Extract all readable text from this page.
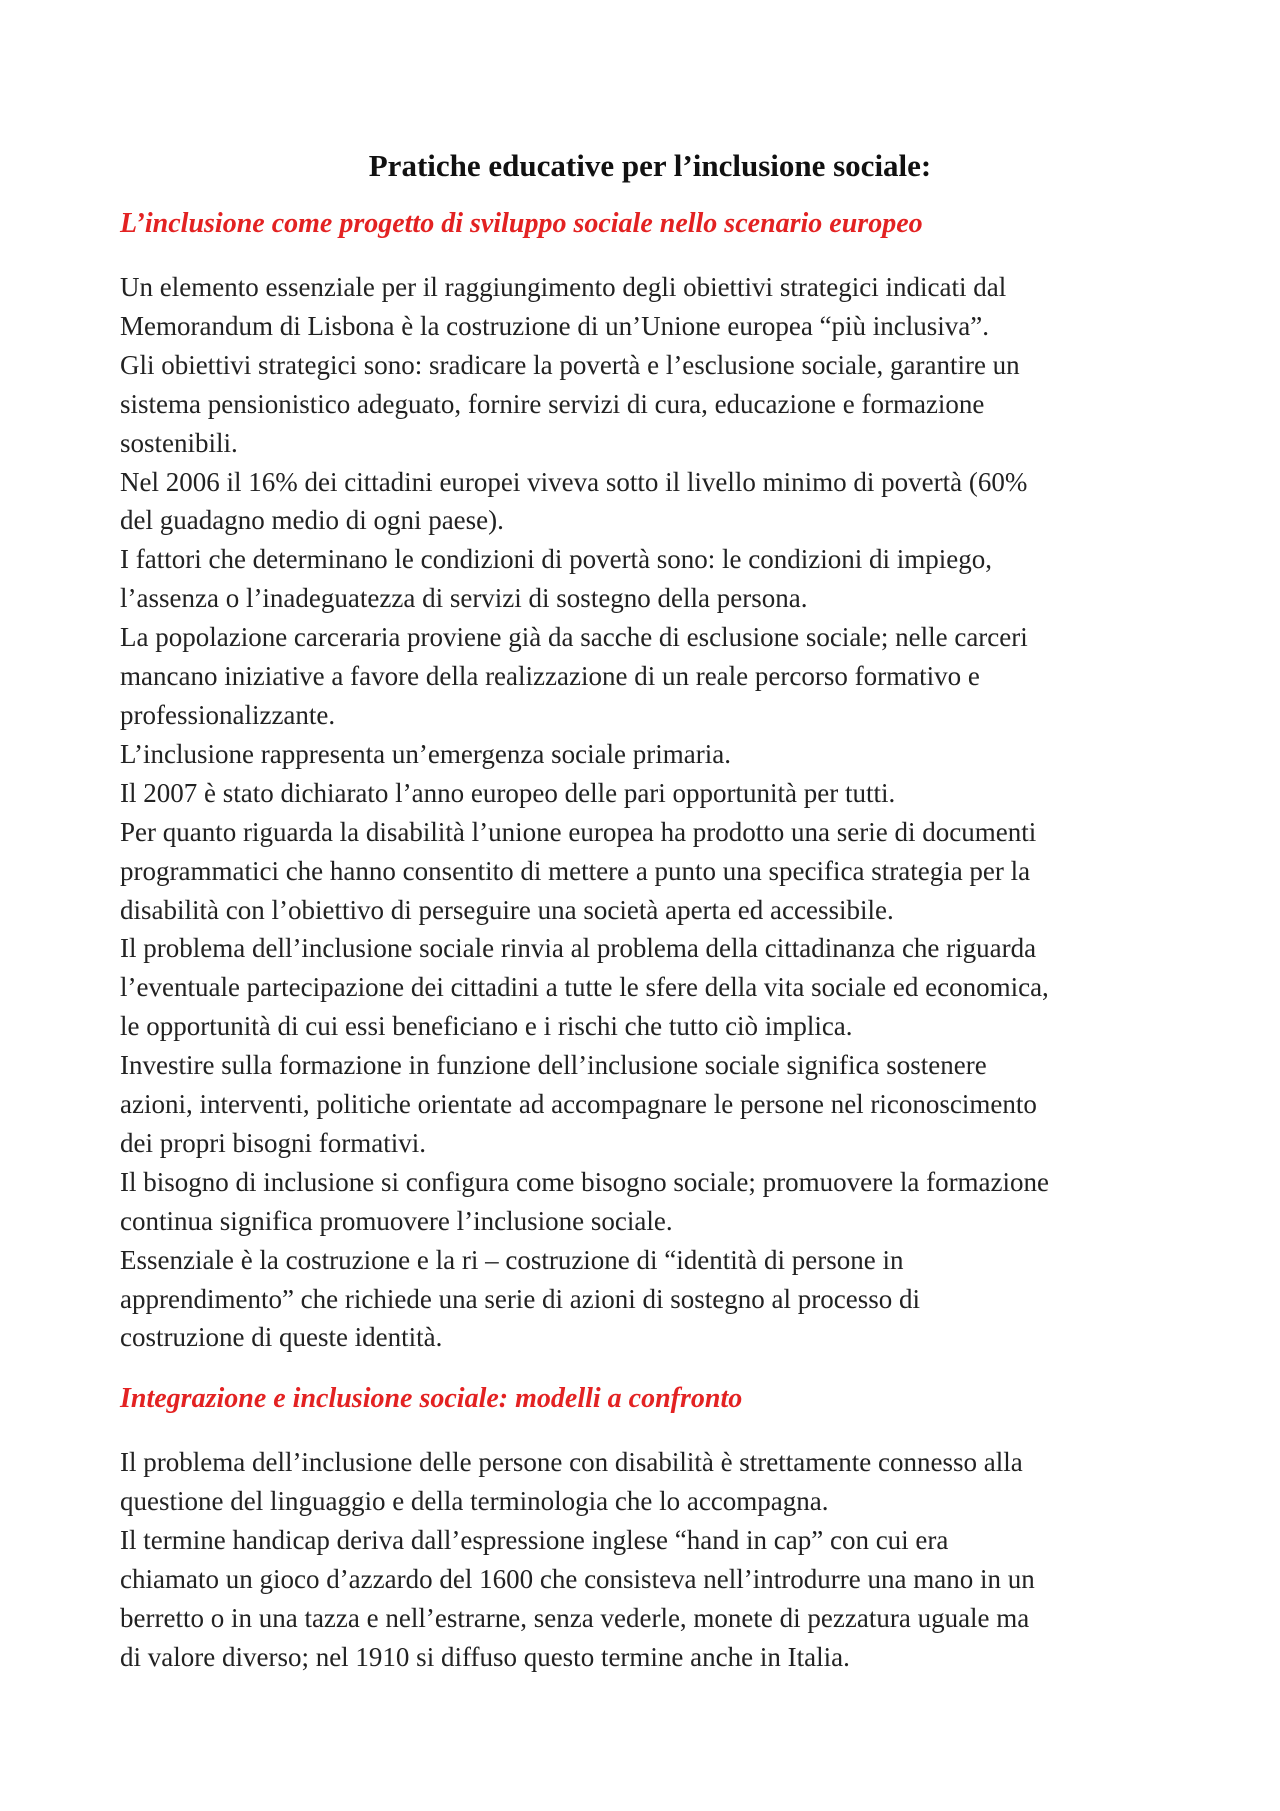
Pratiche educative per l’inclusione sociale:
L’inclusione come progetto di sviluppo sociale nello scenario europeo
Un elemento essenziale per il raggiungimento degli obiettivi strategici indicati dal
Memorandum di Lisbona è la costruzione di un’Unione europea “più inclusiva”.
Gli obiettivi strategici sono: sradicare la povertà e l’esclusione sociale, garantire un
sistema pensionistico adeguato, fornire servizi di cura, educazione e formazione
sostenibili.
Nel 2006 il 16% dei cittadini europei viveva sotto il livello minimo di povertà (60%
del guadagno medio di ogni paese).
I fattori che determinano le condizioni di povertà sono: le condizioni di impiego,
l’assenza o l’inadeguatezza di servizi di sostegno della persona.
La popolazione carceraria proviene già da sacche di esclusione sociale; nelle carceri
mancano iniziative a favore della realizzazione di un reale percorso formativo e
professionalizzante.
L’inclusione rappresenta un’emergenza sociale primaria.
Il 2007 è stato dichiarato l’anno europeo delle pari opportunità per tutti.
Per quanto riguarda la disabilità l’unione europea ha prodotto una serie di documenti
programmatici che hanno consentito di mettere a punto una specifica strategia per la
disabilità con l’obiettivo di perseguire una società aperta ed accessibile.
Il problema dell’inclusione sociale rinvia al problema della cittadinanza che riguarda
l’eventuale partecipazione dei cittadini a tutte le sfere della vita sociale ed economica,
le opportunità di cui essi beneficiano e i rischi che tutto ciò implica.
Investire sulla formazione in funzione dell’inclusione sociale significa sostenere
azioni, interventi, politiche orientate ad accompagnare le persone nel riconoscimento
dei propri bisogni formativi.
Il bisogno di inclusione si configura come bisogno sociale; promuovere la formazione
continua significa promuovere l’inclusione sociale.
Essenziale è la costruzione e la ri – costruzione di “identità di persone in
apprendimento” che richiede una serie di azioni di sostegno al processo di
costruzione di queste identità.
Integrazione e inclusione sociale: modelli a confronto
Il problema dell’inclusione delle persone con disabilità è strettamente connesso alla
questione del linguaggio e della terminologia che lo accompagna.
Il termine handicap deriva dall’espressione inglese “hand in cap” con cui era
chiamato un gioco d’azzardo del 1600 che consisteva nell’introdurre una mano in un
berretto o in una tazza e nell’estrarne, senza vederle, monete di pezzatura uguale ma
di valore diverso; nel 1910 si diffuso questo termine anche in Italia.
